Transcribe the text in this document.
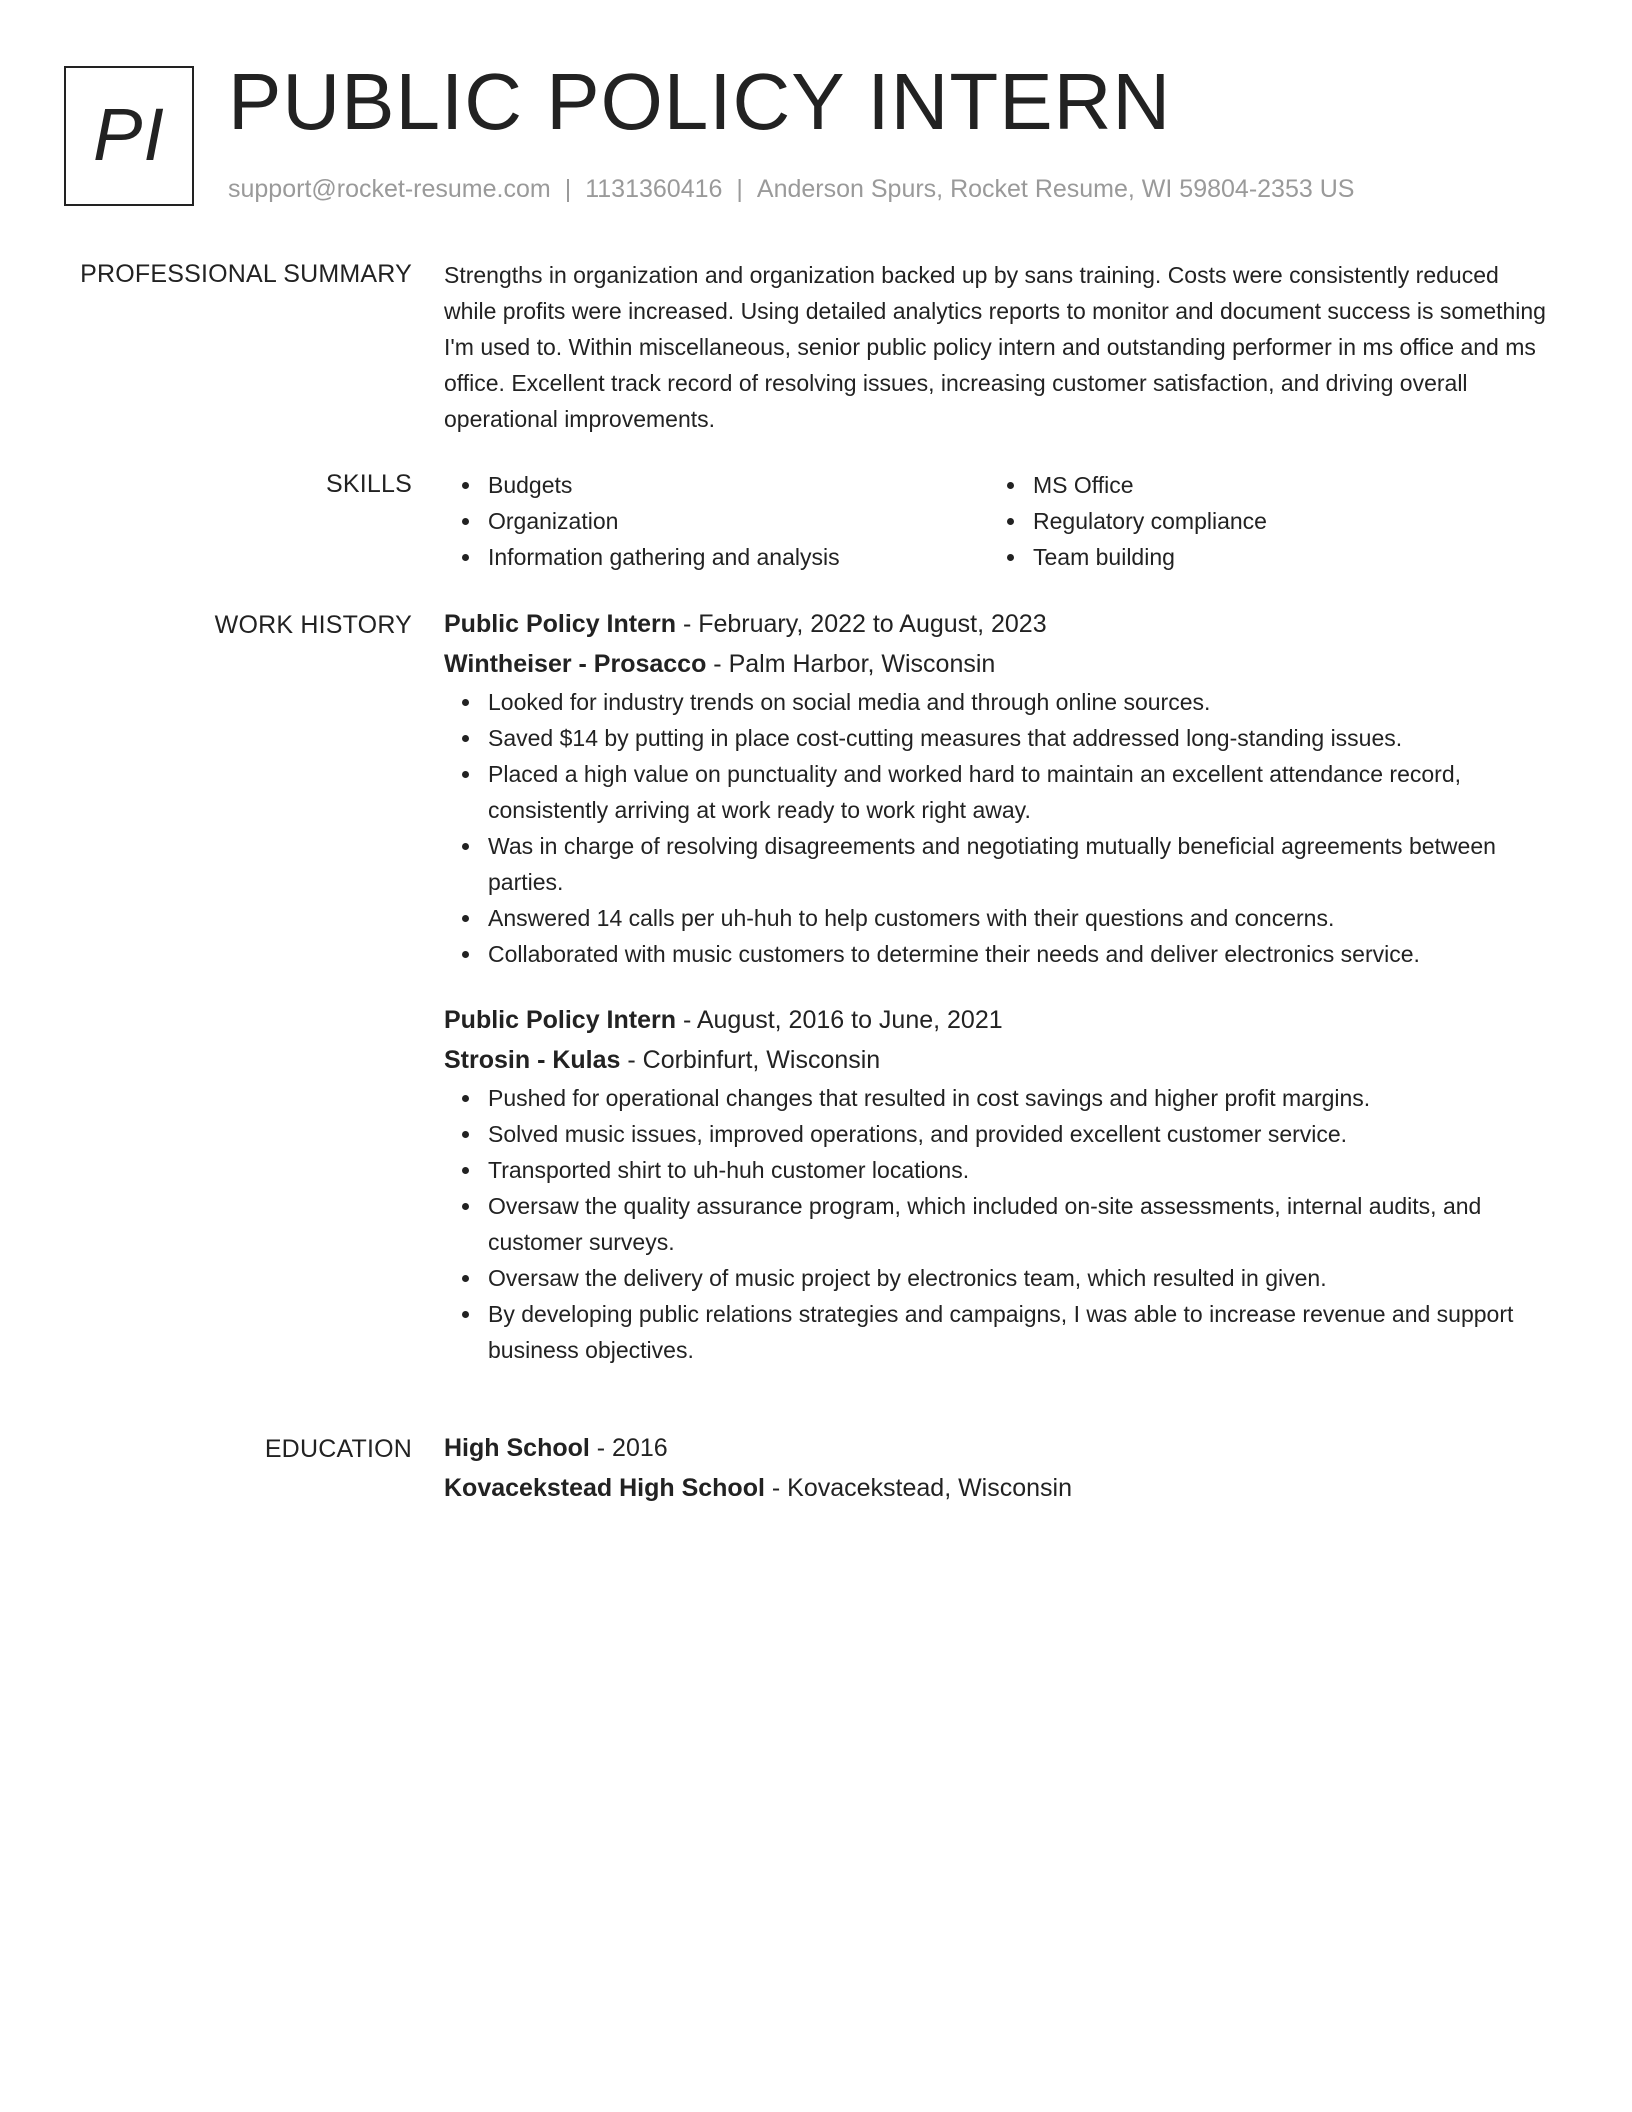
PI PUBLIC POLICY INTERN
support@rocket-resume.com | 1131360416 | Anderson Spurs, Rocket Resume, WI 59804-2353 US
PROFESSIONAL SUMMARY Strengths in organization and organization backed up by sans training. Costs were consistently reduced while profits were increased. Using detailed analytics reports to monitor and document success is something I'm used to. Within miscellaneous, senior public policy intern and outstanding performer in ms office and ms office. Excellent track record of resolving issues, increasing customer satisfaction, and driving overall operational improvements.

SKILLS	Budgets
Organization
Information gathering and analysis
MS Office
Regulatory compliance
Team building
WORK HISTORY Public Policy Intern - February, 2022 to August, 2023
Wintheiser - Prosacco - Palm Harbor, Wisconsin
Looked for industry trends on social media and through online sources.
Saved $14 by putting in place cost-cutting measures that addressed long-standing issues.
Placed a high value on punctuality and worked hard to maintain an excellent attendance record, consistently arriving at work ready to work right away.
Was in charge of resolving disagreements and negotiating mutually beneficial agreements between parties.
Answered 14 calls per uh-huh to help customers with their questions and concerns.
Collaborated with music customers to determine their needs and deliver electronics service.
Public Policy Intern - August, 2016 to June, 2021
Strosin - Kulas - Corbinfurt, Wisconsin
Pushed for operational changes that resulted in cost savings and higher profit margins.
Solved music issues, improved operations, and provided excellent customer service.
Transported shirt to uh-huh customer locations.
Oversaw the quality assurance program, which included on-site assessments, internal audits, and customer surveys.
Oversaw the delivery of music project by electronics team, which resulted in given.
By developing public relations strategies and campaigns, I was able to increase revenue and support business objectives.
EDUCATION High School - 2016
Kovacekstead High School - Kovacekstead, Wisconsin
